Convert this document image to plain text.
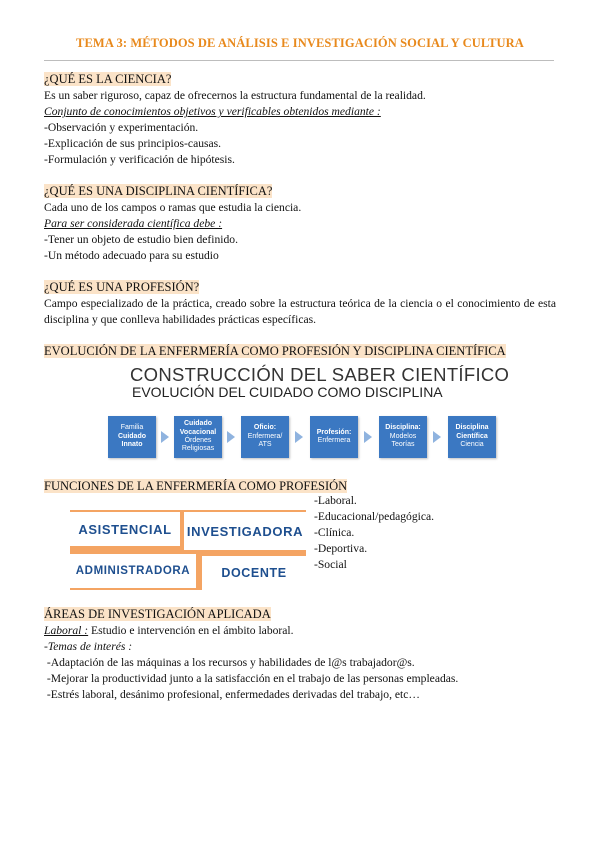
TEMA 3: MÉTODOS DE ANÁLISIS E INVESTIGACIÓN SOCIAL Y CULTURA

¿QUÉ ES LA CIENCIA?

Es un saber riguroso, capaz de ofrecernos la estructura fundamental de la realidad.

Conjunto de conocimientos objetivos y verificables obtenidos mediante :

-Observación y experimentación.

-Explicación de sus principios-causas.

-Formulación y verificación de hipótesis.

¿QUÉ ES UNA DISCIPLINA CIENTÍFICA?

Cada uno de los campos o ramas que estudia la ciencia.

Para ser considerada científica debe :

-Tener un objeto de estudio bien definido.

-Un método adecuado para su estudio

¿QUÉ ES UNA PROFESIÓN?

Campo especializado de la práctica, creado sobre la estructura teórica de la ciencia o el conocimiento de esta disciplina y que conlleva habilidades prácticas específicas.

EVOLUCIÓN DE LA ENFERMERÍA COMO PROFESIÓN Y DISCIPLINA CIENTÍFICA

CONSTRUCCIÓN DEL SABER CIENTÍFICO
EVOLUCIÓN DEL CUIDADO COMO DISCIPLINA
Familia
Cuidado
Innato
Cuidado
Vocacional
Órdenes Religiosas
Oficio:
Enfermera/
ATS
Profesión:
Enfermera
Disciplina:
Modelos
Teorías
Disciplina
Científica
Ciencia

FUNCIONES DE LA ENFERMERÍA COMO PROFESIÓN

ASISTENCIAL	INVESTIGADORA
ADMINISTRADORA	DOCENTE

-Laboral.

-Educacional/pedagógica.

-Clínica.

-Deportiva.

-Social

ÁREAS DE INVESTIGACIÓN APLICADA

Laboral : Estudio e intervención en el ámbito laboral.

-Temas de interés :

-Adaptación de las máquinas a los recursos y habilidades de l@s trabajador@s.

-Mejorar la productividad junto a la satisfacción en el trabajo de las personas empleadas.

-Estrés laboral, desánimo profesional, enfermedades derivadas del trabajo, etc…
